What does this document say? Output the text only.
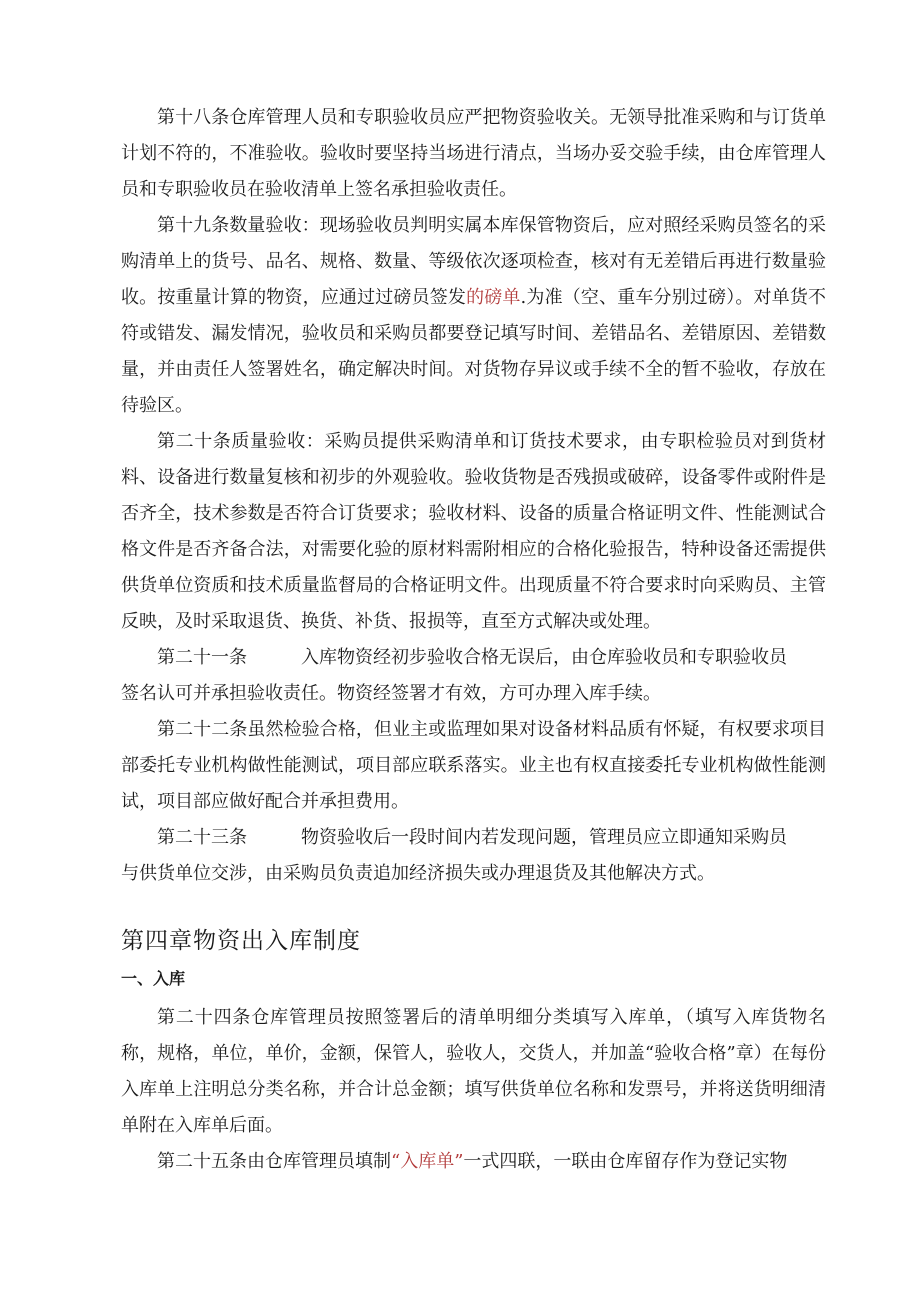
第十八条仓库管理人员和专职验收员应严把物资验收关。无领导批准采购和与订货单计划不符的，不准验收。验收时要坚持当场进行清点，当场办妥交验手续，由仓库管理人员和专职验收员在验收清单上签名承担验收责任。

第十九条数量验收：现场验收员判明实属本库保管物资后，应对照经采购员签名的采购清单上的货号、品名、规格、数量、等级依次逐项检查，核对有无差错后再进行数量验收。按重量计算的物资，应通过过磅员签发的磅单.为准（空、重车分别过磅）。对单货不符或错发、漏发情况，验收员和采购员都要登记填写时间、差错品名、差错原因、差错数量，并由责任人签署姓名，确定解决时间。对货物存异议或手续不全的暂不验收，存放在待验区。

第二十条质量验收：采购员提供采购清单和订货技术要求，由专职检验员对到货材料、设备进行数量复核和初步的外观验收。验收货物是否残损或破碎，设备零件或附件是否齐全，技术参数是否符合订货要求；验收材料、设备的质量合格证明文件、性能测试合格文件是否齐备合法，对需要化验的原材料需附相应的合格化验报告，特种设备还需提供供货单位资质和技术质量监督局的合格证明文件。出现质量不符合要求时向采购员、主管反映，及时采取退货、换货、补货、报损等，直至方式解决或处理。

第二十一条	入库物资经初步验收合格无误后，由仓库验收员和专职验收员

签名认可并承担验收责任。物资经签署才有效，方可办理入库手续。

第二十二条虽然检验合格，但业主或监理如果对设备材料品质有怀疑，有权要求项目部委托专业机构做性能测试，项目部应联系落实。业主也有权直接委托专业机构做性能测试，项目部应做好配合并承担费用。

第二十三条	物资验收后一段时间内若发现问题，管理员应立即通知采购员

与供货单位交涉，由采购员负责追加经济损失或办理退货及其他解决方式。

第四章物资出入库制度
一、入库

第二十四条仓库管理员按照签署后的清单明细分类填写入库单，（填写入库货物名称，规格，单位，单价，金额，保管人，验收人，交货人，并加盖“验收合格”章）在每份入库单上注明总分类名称，并合计总金额；填写供货单位名称和发票号，并将送货明细清单附在入库单后面。

第二十五条由仓库管理员填制“入库单”一式四联，一联由仓库留存作为登记实物
